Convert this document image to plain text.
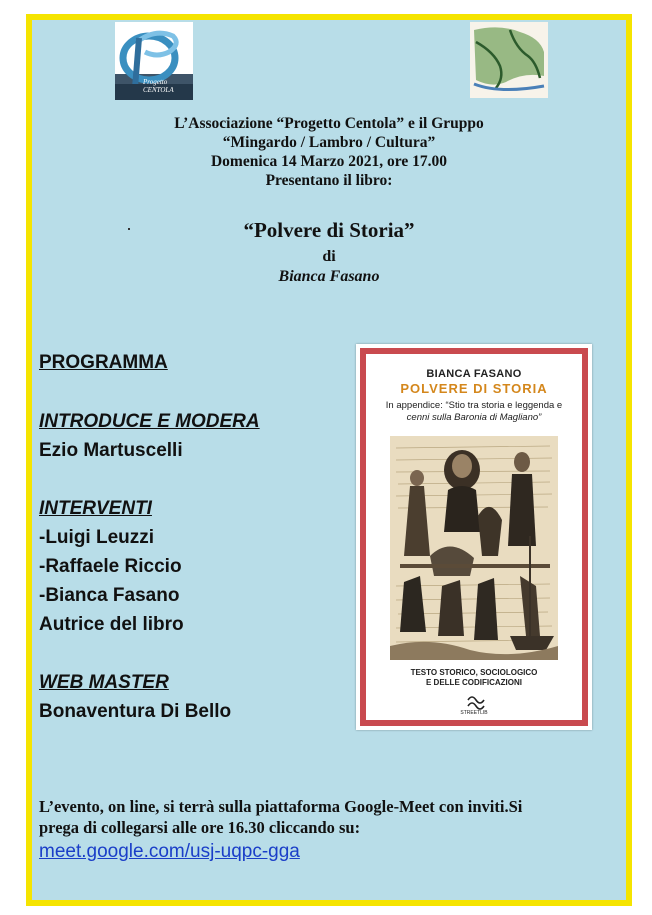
Progetto CENTOLA
L’Associazione “Progetto Centola” e il Gruppo
“Mingardo / Lambro / Cultura”
Domenica 14 Marzo 2021, ore 17.00
Presentano il libro:
“Polvere di Storia”
di
Bianca Fasano
PROGRAMMA
INTRODUCE E MODERA
Ezio Martuscelli
INTERVENTI
-Luigi Leuzzi
-Raffaele Riccio
-Bianca Fasano
Autrice del libro
WEB MASTER
Bonaventura Di Bello
BIANCA FASANO
POLVERE DI STORIA
In appendice: “Stio tra storia e leggenda e
cenni sulla Baronia di Magliano”
TESTO STORICO, SOCIOLOGICO
E DELLE CODIFICAZIONI
STREETLIB
L’evento, on line, si terrà sulla piattaforma Google-Meet con inviti.Si
prega di collegarsi alle ore 16.30 cliccando su:
meet.google.com/usj-uqpc-gga
